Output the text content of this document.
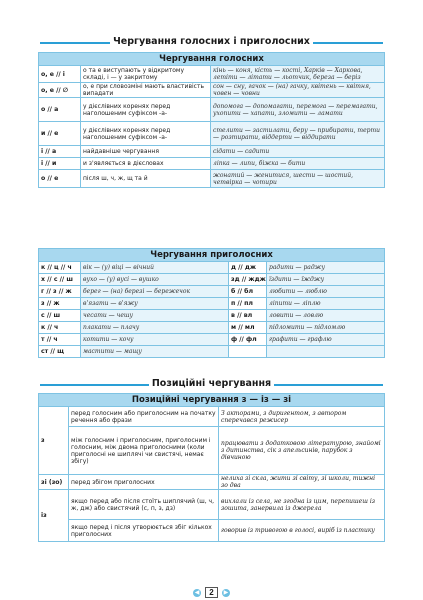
Чергування голосних і приголосних
Чергування голосних		
о, е // і	о та е виступають у відкритому складі, і — у закритому	кінь — коня, кість — кості, Харків — Харкова, летіти — літати — льотчик, береза — беріз
о, е // ∅	о, е при словозміні мають властивість випадати	сон — сну, гачок — (на) гачку, квітень — квітня, човен — човни
о // а	у дієслівних коренях перед наголошеним суфіксом -а-	допомога — допомагати, перемога — перемагати, ухопити — хапати, зломити — ламати
и // е	у дієслівних коренях перед наголошеним суфіксом -а-	стелити — застилати, беру — прибирати, терти — розтирати, віддерти — віддирати
і // а	найдавніше чергування	сідати — садити
і // и	и з'являється в дієсловах	ліпка — липи, біжка — бити
о // е	після ш, ч, ж, щ та й	жонатий — женитися, шести — шостий, четвірка — чотири
Чергування приголосних			
к // ц // ч	вік — (у) віці — вічний	д // дж	радити — раджу
х // с // ш	вухо — (у) вусі — вушко	зд // ждж	їздити — їжджу
г // з // ж	берег — (на) березі — бережечок	б // бл	любити — люблю
з // ж	в'язати — в'яжу	п // пл	ліпити — ліплю
с // ш	чесати — чешу	в // вл	ловити — ловлю
к // ч	плакати — плачу	м // мл	підломити — підломлю
т // ч	котити — кочу	ф // фл	графити — графлю
ст // щ	мастити — мащу		
Позиційні чергування
Позиційні чергування з — із — зі		
з	перед голосним або приголосним на початку речення або фрази	З акторами, з диригентом, з автором сперечався режисер
	між голосним і приголосним, приголосним і голосним, між двома приголосними (коли приголосні не шиплячі чи свистячі, немає збігу)	працювати з додатковою літературою, знайомі з дитинства, сік з апельсинів, парубок з дівчиною
зі (зо)	перед збігом приголосних	нелиха зі скла, жити зі світу, зі школи, тижні зо два
із	якщо перед або після стоїть шиплячий (ш, ч, ж, дж) або свистячий (с, п, з, дз)	вихлали із села, не згодна із цим, перепишеш із зошита, занервила із джерела
	якщо перед і після утворюється збіг кількох приголосних	говорив із тривогою в голосі, виріб із пластику
◀ 2 ▶
